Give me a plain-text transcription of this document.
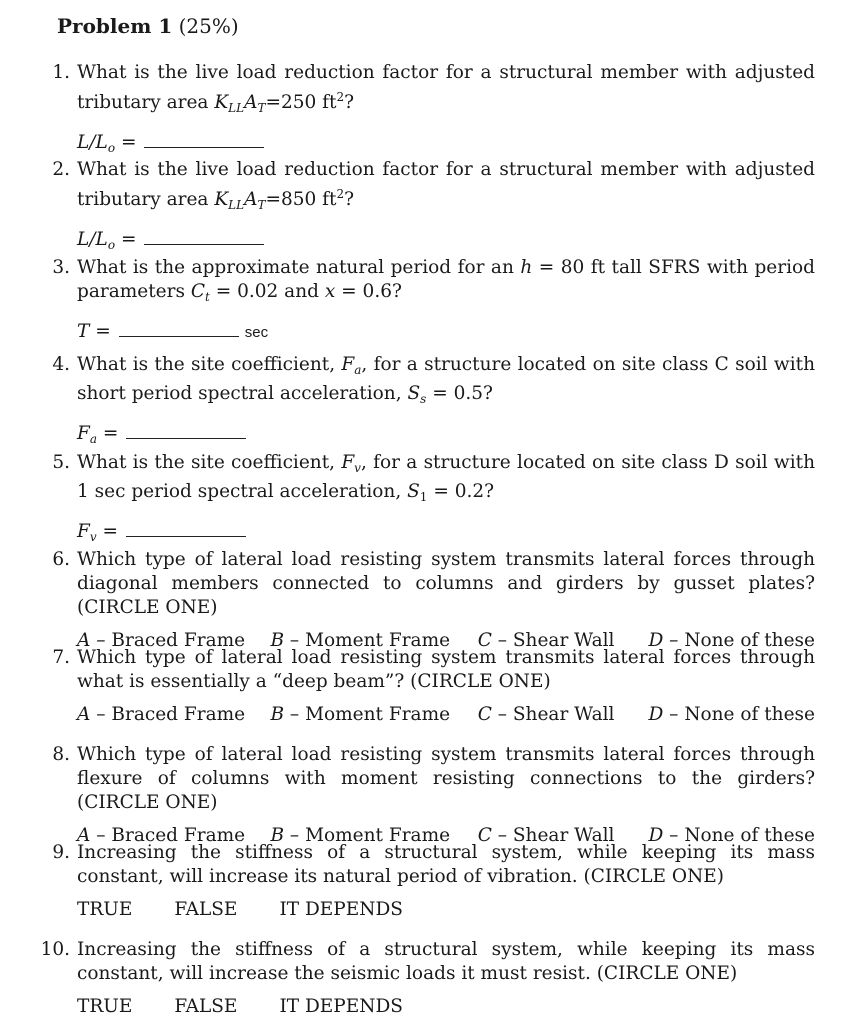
Problem 1 (25%)
1. What is the live load reduction factor for a structural member with adjusted tributary area $K_{LL}A_T=250$ $ft^2$?
$L/L_o$ =
2. What is the live load reduction factor for a structural member with adjusted tributary area $K_{LL}A_T=850$ $ft^2$?
$L/L_o$ =
3. What is the approximate natural period for an h = 80 ft tall SFRS with period parameters $C_t = 0.02$ and x = 0.6?
T =	sec
4. What is the site coefficient, $F_a$, for a structure located on site class C soil with short period spectral acceleration, $S_s = 0.5$?
$F_a$ =
5. What is the site coefficient, $F_v$, for a structure located on site class D soil with 1 sec period spectral acceleration, $S_1 = 0.2$?
$F_v$ =
6. Which type of lateral load resisting system transmits lateral forces through diagonal members connected to columns and girders by gusset plates? (CIRCLE ONE)
A – Braced Frame	B – Moment Frame	C – Shear Wall	D – None of these
7. Which type of lateral load resisting system transmits lateral forces through what is essentially a “deep beam”? (CIRCLE ONE)
A – Braced Frame	B – Moment Frame	C – Shear Wall	D – None of these
8. Which type of lateral load resisting system transmits lateral forces through flexure of columns with moment resisting connections to the girders? (CIRCLE ONE)
A – Braced Frame	B – Moment Frame	C – Shear Wall	D – None of these
9. Increasing the stiffness of a structural system, while keeping its mass constant, will increase its natural period of vibration. (CIRCLE ONE)
TRUE FALSE IT DEPENDS
10. Increasing the stiffness of a structural system, while keeping its mass constant, will increase the seismic loads it must resist. (CIRCLE ONE)
TRUE FALSE IT DEPENDS
